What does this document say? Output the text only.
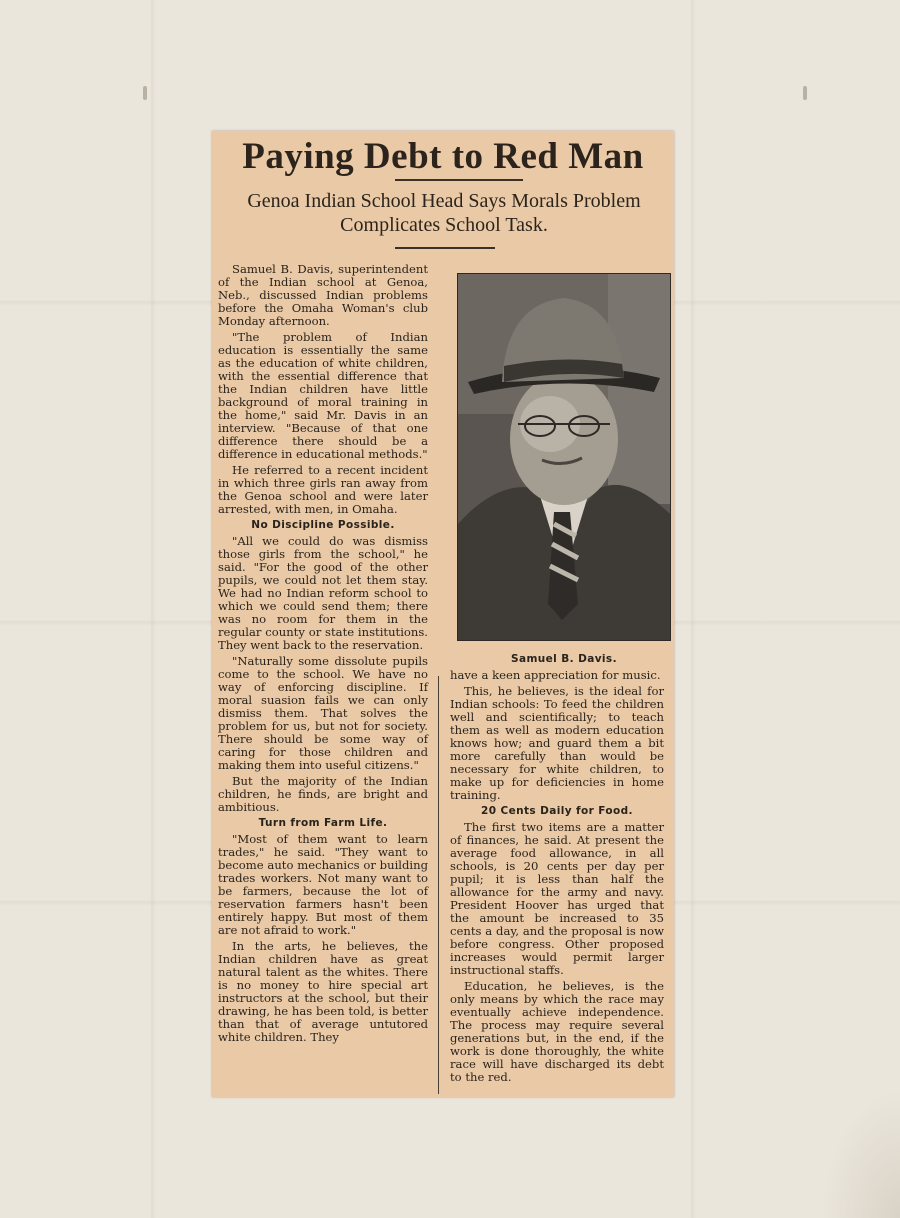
Paying Debt to Red Man
Genoa Indian School Head Says Morals Problem Complicates School Task.

Samuel B. Davis, superintendent of the Indian school at Genoa, Neb., discussed Indian problems before the Omaha Woman's club Monday afternoon.

"The problem of Indian education is essentially the same as the education of white children, with the essential difference that the Indian children have little background of moral training in the home," said Mr. Davis in an interview. "Because of that one difference there should be a difference in educational methods."

He referred to a recent incident in which three girls ran away from the Genoa school and were later arrested, with men, in Omaha.

No Discipline Possible.

"All we could do was dismiss those girls from the school," he said. "For the good of the other pupils, we could not let them stay. We had no Indian reform school to which we could send them; there was no room for them in the regular county or state institutions. They went back to the reservation.

"Naturally some dissolute pupils come to the school. We have no way of enforcing discipline. If moral suasion fails we can only dismiss them. That solves the problem for us, but not for society. There should be some way of caring for those children and making them into useful citizens."

But the majority of the Indian children, he finds, are bright and ambitious.

Turn from Farm Life.

"Most of them want to learn trades," he said. "They want to become auto mechanics or building trades workers. Not many want to be farmers, because the lot of reservation farmers hasn't been entirely happy. But most of them are not afraid to work."

In the arts, he believes, the Indian children have as great natural talent as the whites. There is no money to hire special art instructors at the school, but their drawing, he has been told, is better than that of average untutored white children. They

Samuel B. Davis.

have a keen appreciation for music.

This, he believes, is the ideal for Indian schools: To feed the children well and scientifically; to teach them as well as modern education knows how; and guard them a bit more carefully than would be necessary for white children, to make up for deficiencies in home training.

20 Cents Daily for Food.

The first two items are a matter of finances, he said. At present the average food allowance, in all schools, is 20 cents per day per pupil; it is less than half the allowance for the army and navy. President Hoover has urged that the amount be increased to 35 cents a day, and the proposal is now before congress. Other proposed increases would permit larger instructional staffs.

Education, he believes, is the only means by which the race may eventually achieve independence. The process may require several generations but, in the end, if the work is done thoroughly, the white race will have discharged its debt to the red.
